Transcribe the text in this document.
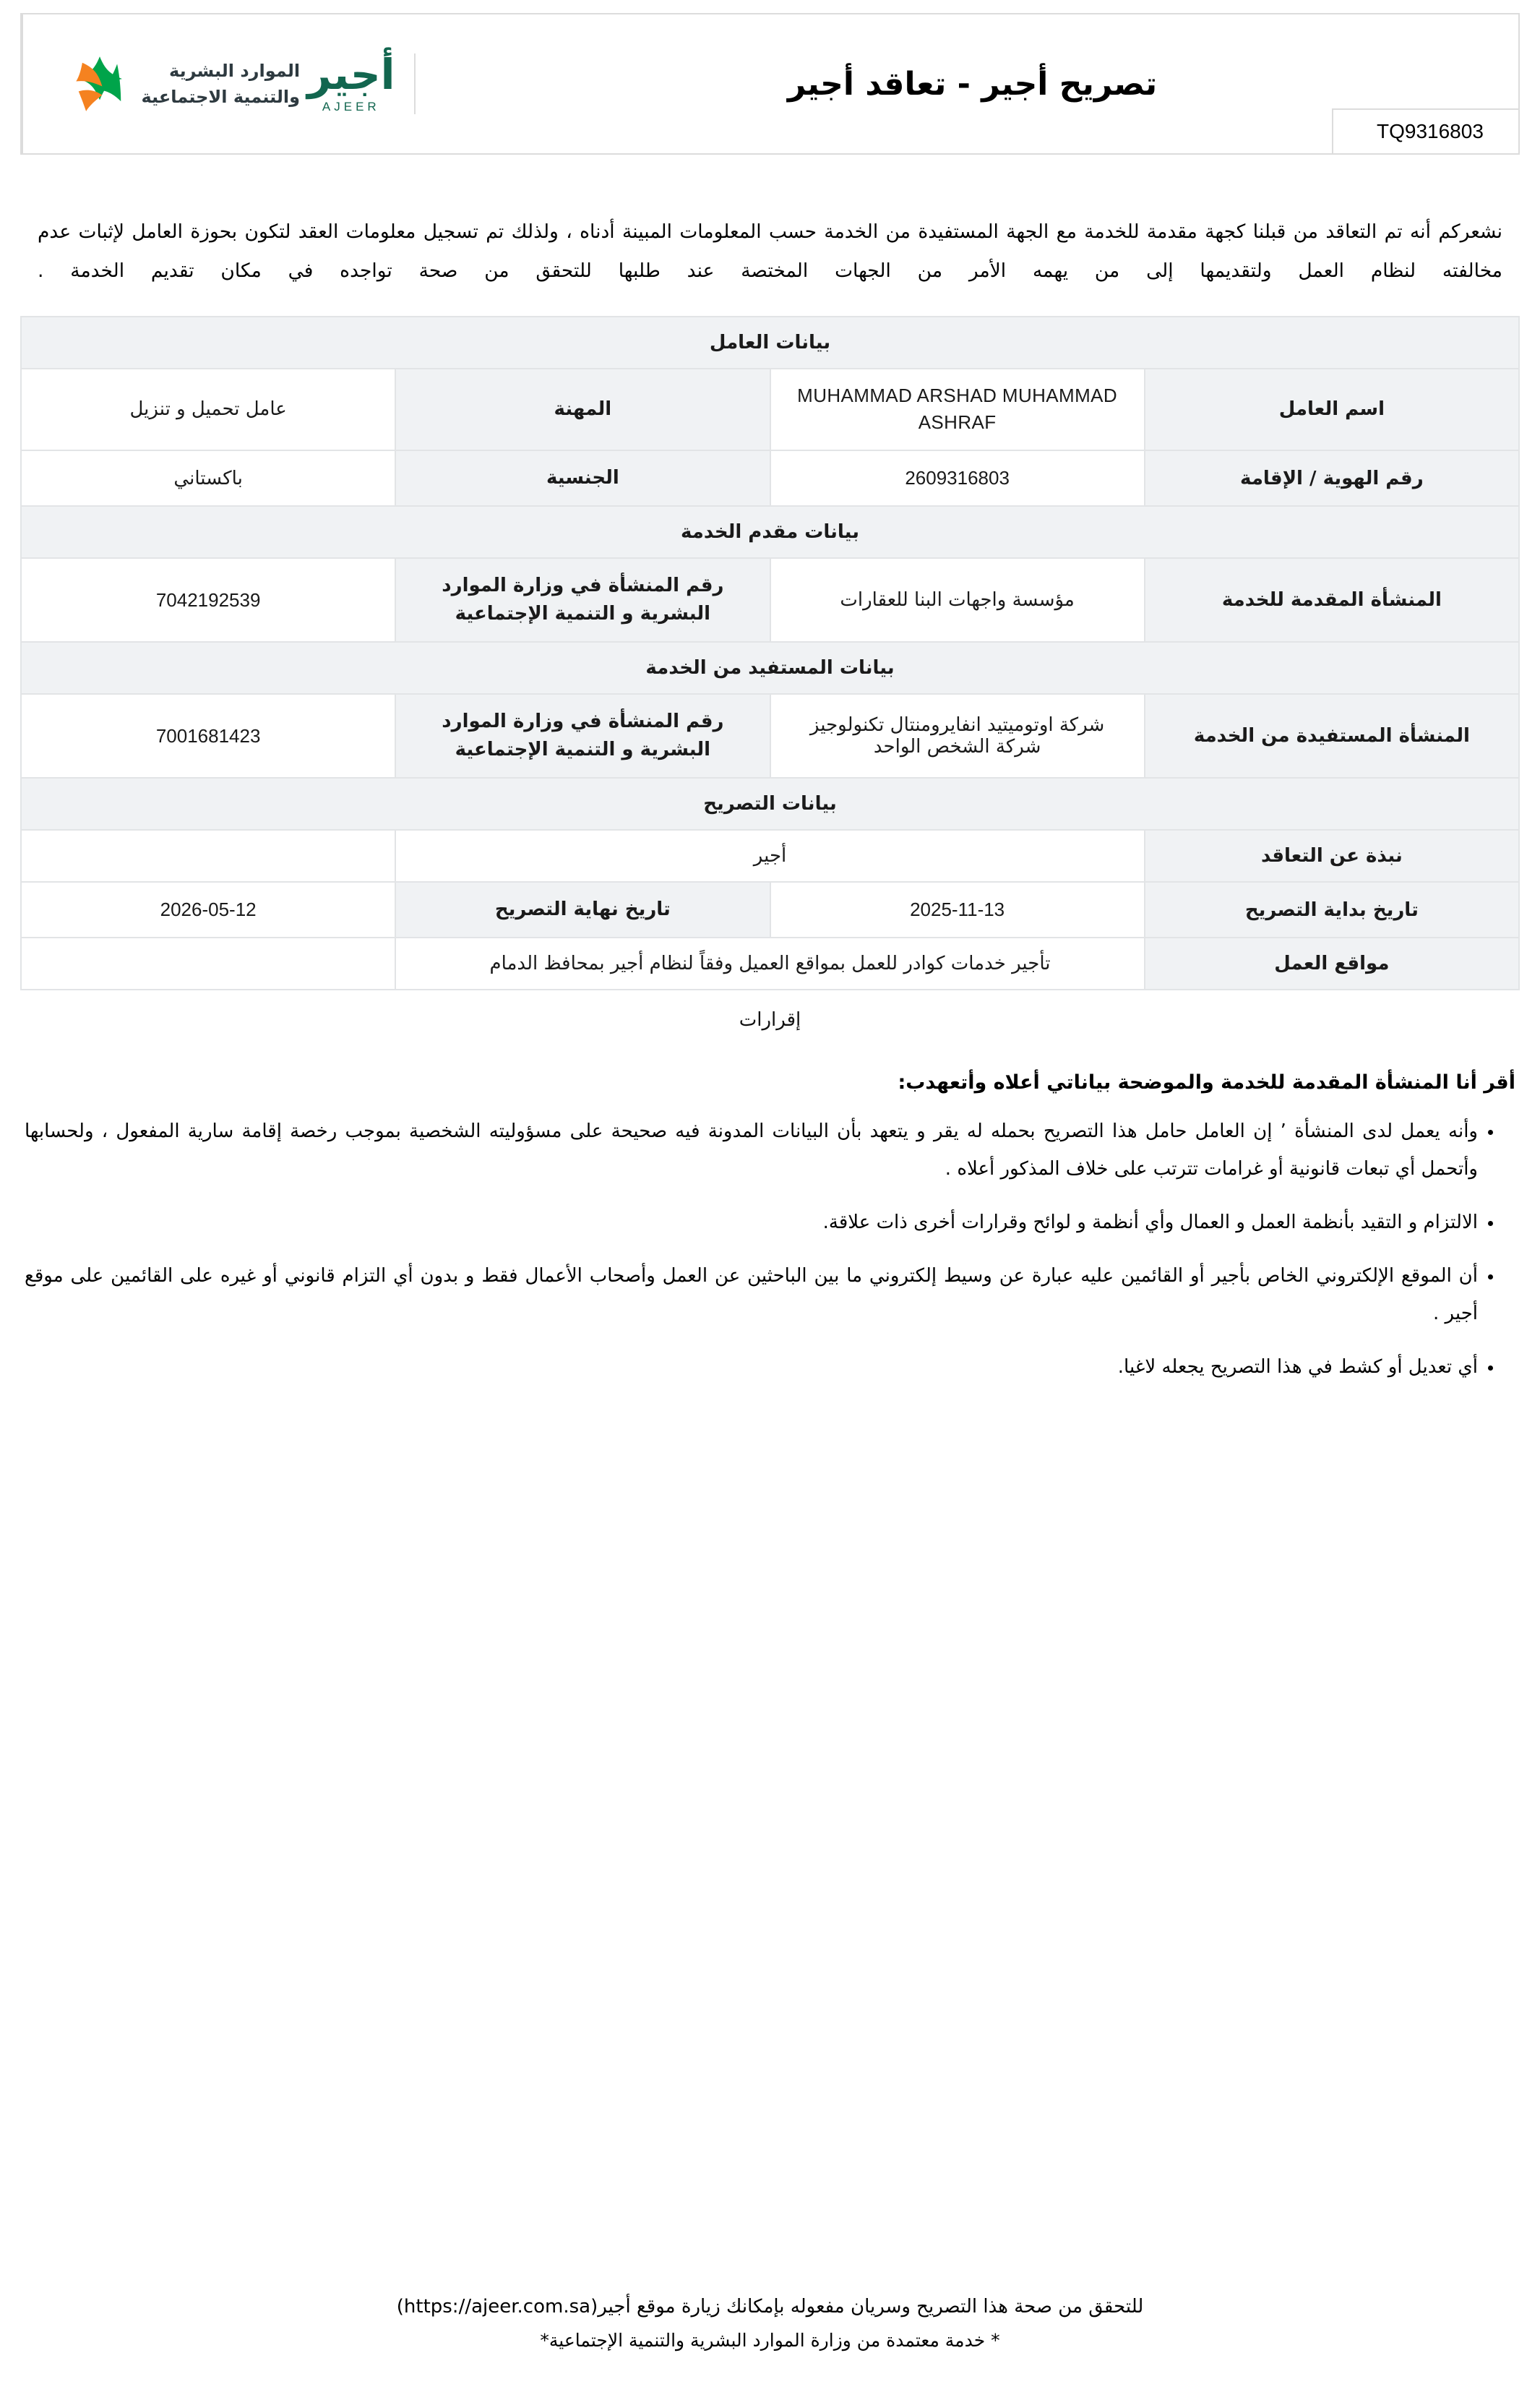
تصريح أجير - تعاقد أجير
أجير
AJEER
الموارد البشرية
والتنمية الاجتماعية
TQ9316803

نشعركم أنه تم التعاقد من قبلنا كجهة مقدمة للخدمة مع الجهة المستفيدة من الخدمة حسب المعلومات المبينة أدناه ، ولذلك تم تسجيل معلومات العقد لتكون بحوزة العامل لإثبات عدم مخالفته لنظام العمل ولتقديمها إلى من يهمه الأمر من الجهات المختصة عند طلبها للتحقق من صحة تواجده في مكان تقديم الخدمة .

بيانات العامل			
اسم العامل	MUHAMMAD ARSHAD MUHAMMAD ASHRAF	المهنة	عامل تحميل و تنزيل
رقم الهوية / الإقامة	2609316803	الجنسية	باكستاني
بيانات مقدم الخدمة			
المنشأة المقدمة للخدمة	مؤسسة واجهات البنا للعقارات	رقم المنشأة في وزارة الموارد البشرية و التنمية الإجتماعية	7042192539
بيانات المستفيد من الخدمة			
المنشأة المستفيدة من الخدمة	شركة اوتوميتيد انفايرومنتال تكنولوجيز شركة الشخص الواحد	رقم المنشأة في وزارة الموارد البشرية و التنمية الإجتماعية	7001681423
بيانات التصريح			
نبذة عن التعاقد	أجير		
تاريخ بداية التصريح	2025-11-13	تاريخ نهاية التصريح	2026-05-12
مواقع العمل	تأجير خدمات كوادر للعمل بمواقع العميل وفقاً لنظام أجير بمحافظ الدمام		
إقرارات
أقر أنا المنشأة المقدمة للخدمة والموضحة بياناتي أعلاه وأتعهدب:
• وأنه يعمل لدى المنشأة ’ إن العامل حامل هذا التصريح بحمله له يقر و يتعهد بأن البيانات المدونة فيه صحيحة على مسؤوليته الشخصية بموجب رخصة إقامة سارية المفعول ، ولحسابها وأتحمل أي تبعات قانونية أو غرامات تترتب على خلاف المذكور أعلاه .
• الالتزام و التقيد بأنظمة العمل و العمال وأي أنظمة و لوائح وقرارات أخرى ذات علاقة.
• أن الموقع الإلكتروني الخاص بأجير أو القائمين عليه عبارة عن وسيط إلكتروني ما بين الباحثين عن العمل وأصحاب الأعمال فقط و بدون أي التزام قانوني أو غيره على القائمين على موقع أجير .
• أي تعديل أو كشط في هذا التصريح يجعله لاغيا.
للتحقق من صحة هذا التصريح وسريان مفعوله بإمكانك زيارة موقع أجير(https://ajeer.com.sa)
* خدمة معتمدة من وزارة الموارد البشرية والتنمية الإجتماعية*
